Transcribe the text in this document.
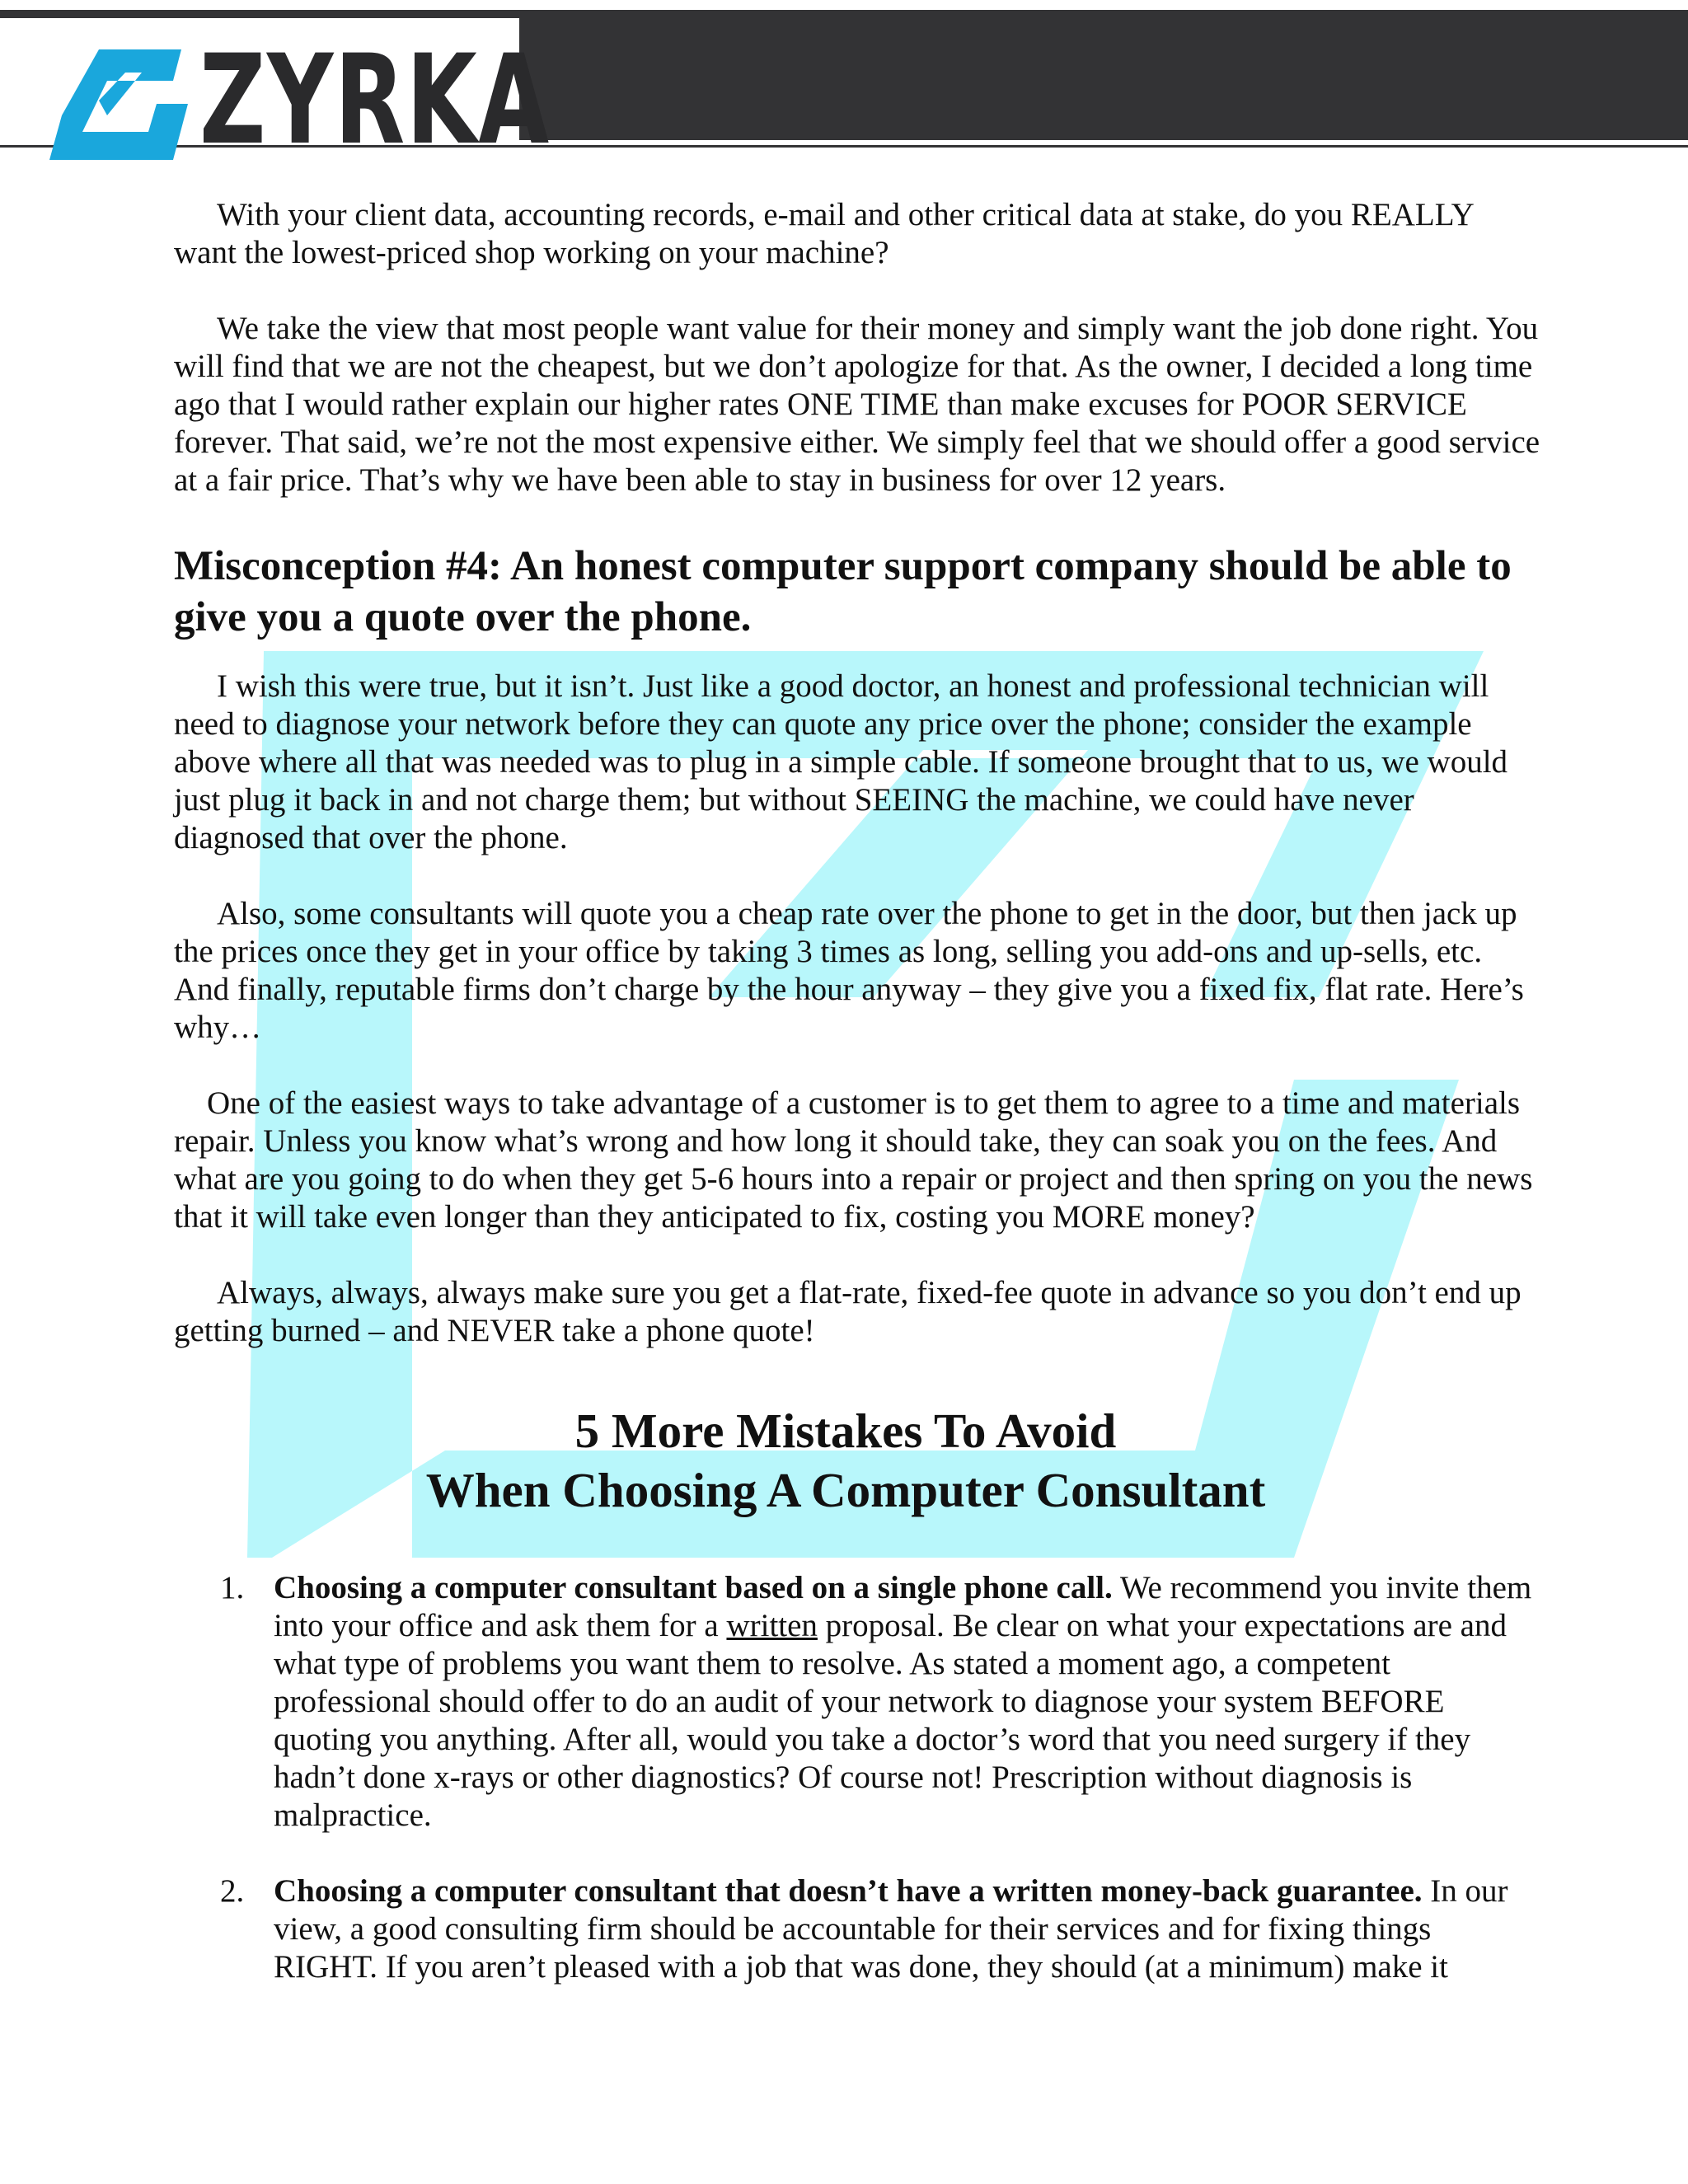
ZYRKA

With your client data, accounting records, e-mail and other critical data at stake, do you REALLY want the lowest-priced shop working on your machine?

We take the view that most people want value for their money and simply want the job done right. You will find that we are not the cheapest, but we don’t apologize for that. As the owner, I decided a long time ago that I would rather explain our higher rates ONE TIME than make excuses for POOR SERVICE forever. That said, we’re not the most expensive either. We simply feel that we should offer a good service at a fair price. That’s why we have been able to stay in business for over 12 years.

Misconception #4: An honest computer support company should be able to give you a quote over the phone.

I wish this were true, but it isn’t. Just like a good doctor, an honest and professional technician will need to diagnose your network before they can quote any price over the phone; consider the example above where all that was needed was to plug in a simple cable. If someone brought that to us, we would just plug it back in and not charge them; but without SEEING the machine, we could have never diagnosed that over the phone.

Also, some consultants will quote you a cheap rate over the phone to get in the door, but then jack up the prices once they get in your office by taking 3 times as long, selling you add-ons and up-sells, etc. And finally, reputable firms don’t charge by the hour anyway – they give you a fixed fix, flat rate. Here’s why…

One of the easiest ways to take advantage of a customer is to get them to agree to a time and materials repair. Unless you know what’s wrong and how long it should take, they can soak you on the fees. And what are you going to do when they get 5-6 hours into a repair or project and then spring on you the news that it will take even longer than they anticipated to fix, costing you MORE money?

Always, always, always make sure you get a flat-rate, fixed-fee quote in advance so you don’t end up getting burned – and NEVER take a phone quote!

5 More Mistakes To Avoid
When Choosing A Computer Consultant
1. Choosing a computer consultant based on a single phone call. We recommend you invite them into your office and ask them for a written proposal. Be clear on what your expectations are and what type of problems you want them to resolve. As stated a moment ago, a competent professional should offer to do an audit of your network to diagnose your system BEFORE quoting you anything. After all, would you take a doctor’s word that you need surgery if they hadn’t done x-rays or other diagnostics? Of course not! Prescription without diagnosis is malpractice.
2. Choosing a computer consultant that doesn’t have a written money-back guarantee. In our view, a good consulting firm should be accountable for their services and for fixing things RIGHT. If you aren’t pleased with a job that was done, they should (at a minimum) make it
